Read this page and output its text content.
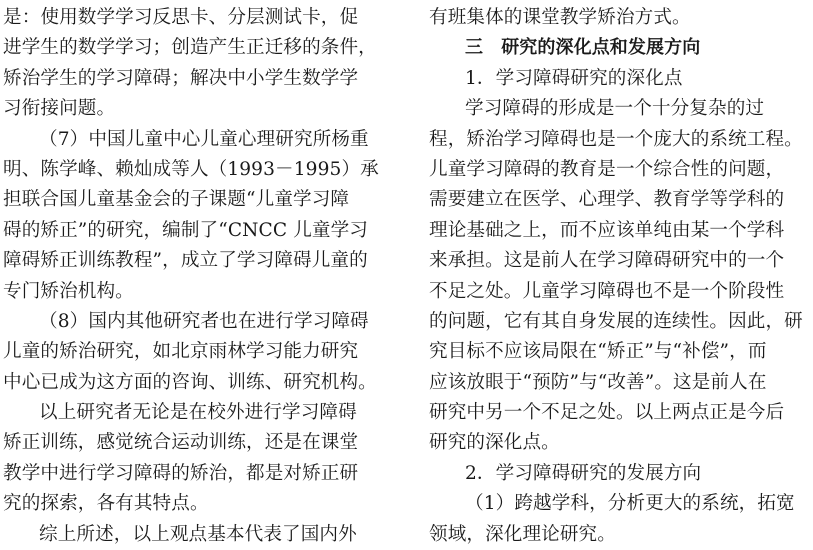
是：使用数学学习反思卡、分层测试卡，促
进学生的数学学习；创造产生正迁移的条件，
矫治学生的学习障碍；解决中小学生数学学
习衔接问题。
（7）中国儿童中心儿童心理研究所杨重
明、陈学峰、赖灿成等人（1993－1995）承
担联合国儿童基金会的子课题“儿童学习障
碍的矫正”的研究，编制了“CNCC 儿童学习
障碍矫正训练教程”，成立了学习障碍儿童的
专门矫治机构。
（8）国内其他研究者也在进行学习障碍
儿童的矫治研究，如北京雨林学习能力研究
中心已成为这方面的咨询、训练、研究机构。
以上研究者无论是在校外进行学习障碍
矫正训练，感觉统合运动训练，还是在课堂
教学中进行学习障碍的矫治，都是对矫正研
究的探索，各有其特点。
综上所述，以上观点基本代表了国内外
有班集体的课堂教学矫治方式。
三　研究的深化点和发展方向
1．学习障碍研究的深化点
学习障碍的形成是一个十分复杂的过
程，矫治学习障碍也是一个庞大的系统工程。
儿童学习障碍的教育是一个综合性的问题，
需要建立在医学、心理学、教育学等学科的
理论基础之上，而不应该单纯由某一个学科
来承担。这是前人在学习障碍研究中的一个
不足之处。儿童学习障碍也不是一个阶段性
的问题，它有其自身发展的连续性。因此，研
究目标不应该局限在“矫正”与“补偿”，而
应该放眼于“预防”与“改善”。这是前人在
研究中另一个不足之处。以上两点正是今后
研究的深化点。
2．学习障碍研究的发展方向
（1）跨越学科，分析更大的系统，拓宽
领域，深化理论研究。
